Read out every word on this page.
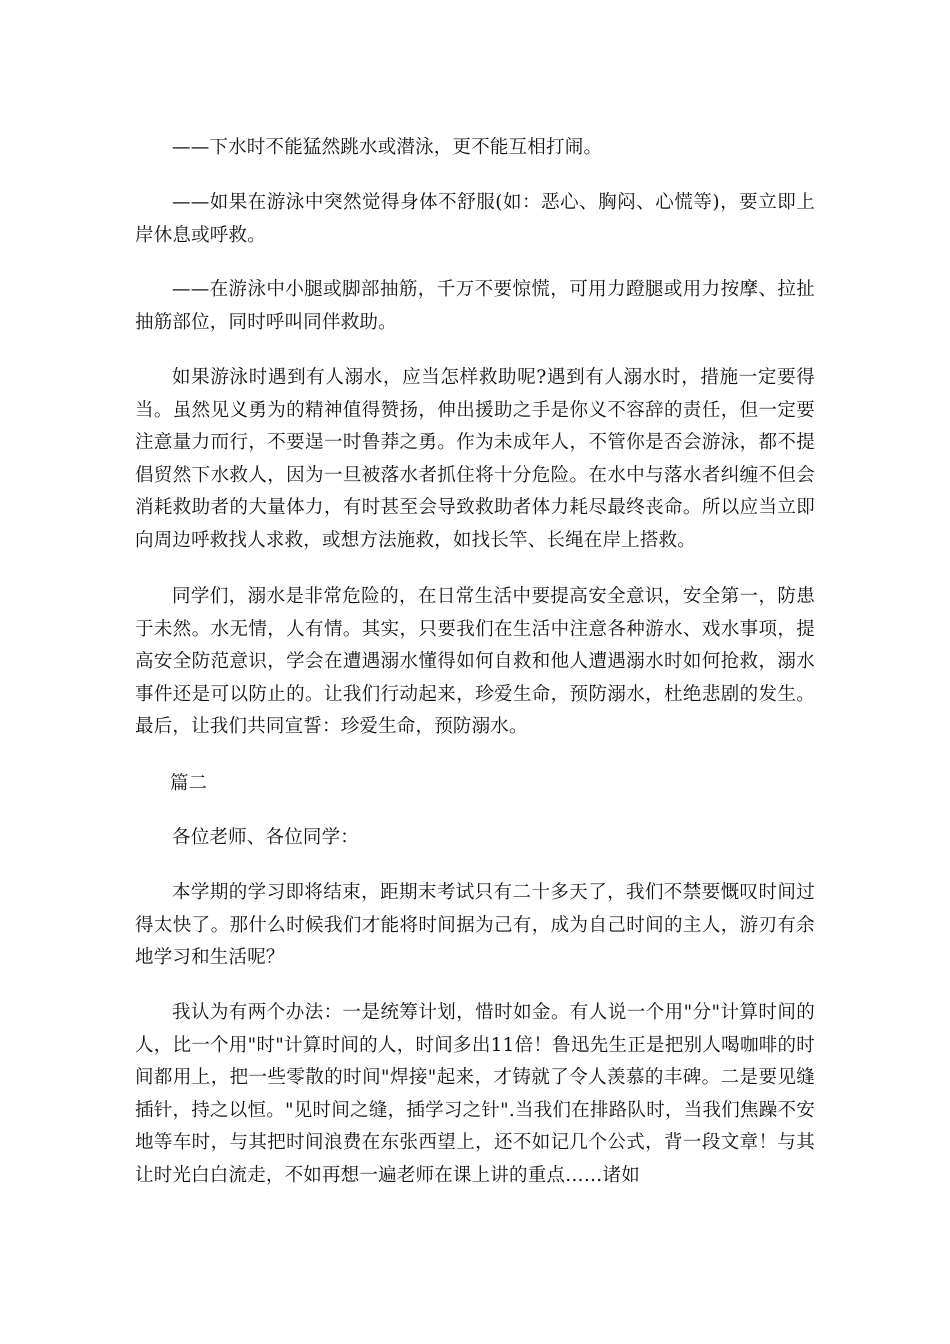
——下水时不能猛然跳水或潜泳，更不能互相打闹。

——如果在游泳中突然觉得身体不舒服(如：恶心、胸闷、心慌等)，要立即上岸休息或呼救。

——在游泳中小腿或脚部抽筋，千万不要惊慌，可用力蹬腿或用力按摩、拉扯抽筋部位，同时呼叫同伴救助。

如果游泳时遇到有人溺水，应当怎样救助呢?遇到有人溺水时，措施一定要得当。虽然见义勇为的精神值得赞扬，伸出援助之手是你义不容辞的责任，但一定要注意量力而行，不要逞一时鲁莽之勇。作为未成年人，不管你是否会游泳，都不提倡贸然下水救人，因为一旦被落水者抓住将十分危险。在水中与落水者纠缠不但会消耗救助者的大量体力，有时甚至会导致救助者体力耗尽最终丧命。所以应当立即向周边呼救找人求救，或想方法施救，如找长竿、长绳在岸上搭救。

同学们，溺水是非常危险的，在日常生活中要提高安全意识，安全第一，防患于未然。水无情，人有情。其实，只要我们在生活中注意各种游水、戏水事项，提高安全防范意识，学会在遭遇溺水懂得如何自救和他人遭遇溺水时如何抢救，溺水事件还是可以防止的。让我们行动起来，珍爱生命，预防溺水，杜绝悲剧的发生。最后，让我们共同宣誓：珍爱生命，预防溺水。

篇二

各位老师、各位同学：

本学期的学习即将结束，距期末考试只有二十多天了，我们不禁要慨叹时间过得太快了。那什么时候我们才能将时间据为己有，成为自己时间的主人，游刃有余地学习和生活呢？

我认为有两个办法：一是统筹计划，惜时如金。有人说一个用"分"计算时间的人，比一个用"时"计算时间的人，时间多出11倍！鲁迅先生正是把别人喝咖啡的时间都用上，把一些零散的时间"焊接"起来，才铸就了令人羡慕的丰碑。二是要见缝插针，持之以恒。"见时间之缝，插学习之针".当我们在排路队时，当我们焦躁不安地等车时，与其把时间浪费在东张西望上，还不如记几个公式，背一段文章！与其让时光白白流走，不如再想一遍老师在课上讲的重点……诸如
